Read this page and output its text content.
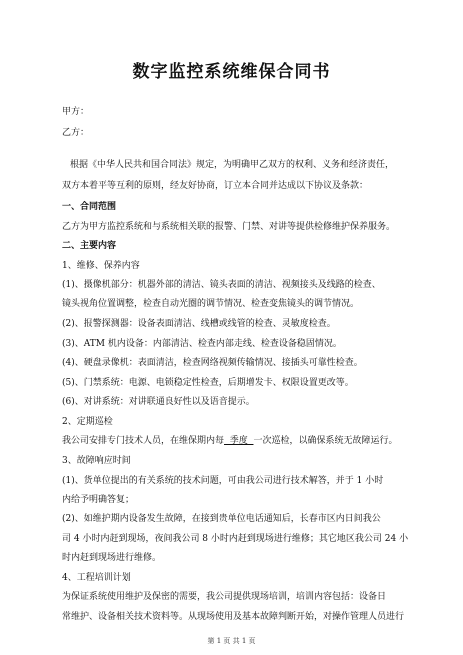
数字监控系统维保合同书
甲方：
乙方：
根据《中华人民共和国合同法》规定，为明确甲乙双方的权利、义务和经济责任，
双方本着平等互利的原则，经友好协商，订立本合同并达成以下协议及条款：
一、合同范围
乙方为甲方监控系统和与系统相关联的报警、门禁、对讲等提供检修维护保养服务。
二、主要内容
1、维修、保养内容
(1)、摄像机部分：机器外部的清洁、镜头表面的清洁、视频接头及线路的检查、
镜头视角位置调整，检查自动光圈的调节情况、检查变焦镜头的调节情况。
(2)、报警探测器：设备表面清洁、线槽或线管的检查、灵敏度检查。
(3)、ATM 机内设备：内部清洁、检查内部走线、检查设备稳固情况。
(4)、硬盘录像机：表面清洁，检查网络视频传输情况、接插头可靠性检查。
(5)、门禁系统：电源、电锁稳定性检查，后期增发卡、权限设置更改等。
(6)、对讲系统：对讲联通良好性以及语音提示。
2、定期巡检
我公司安排专门技术人员，在维保期内每  季度  一次巡检，以确保系统无故障运行。
3、故障响应时间
(1)、货单位提出的有关系统的技术问题，可由我公司进行技术解答，并于 1 小时
内给予明确答复；
(2)、如维护期内设备发生故障，在接到贵单位电话通知后，长春市区内日间我公
司 4 小时内赶到现场，夜间我公司 8 小时内赶到现场进行维修；其它地区我公司 24 小
时内赶到现场进行维修。
4、工程培训计划
为保证系统使用维护及保密的需要，我公司提供现场培训，培训内容包括：设备日
常维护、设备相关技术资料等。从现场使用及基本故障判断开始，对操作管理人员进行
第 1 页 共 1 页
